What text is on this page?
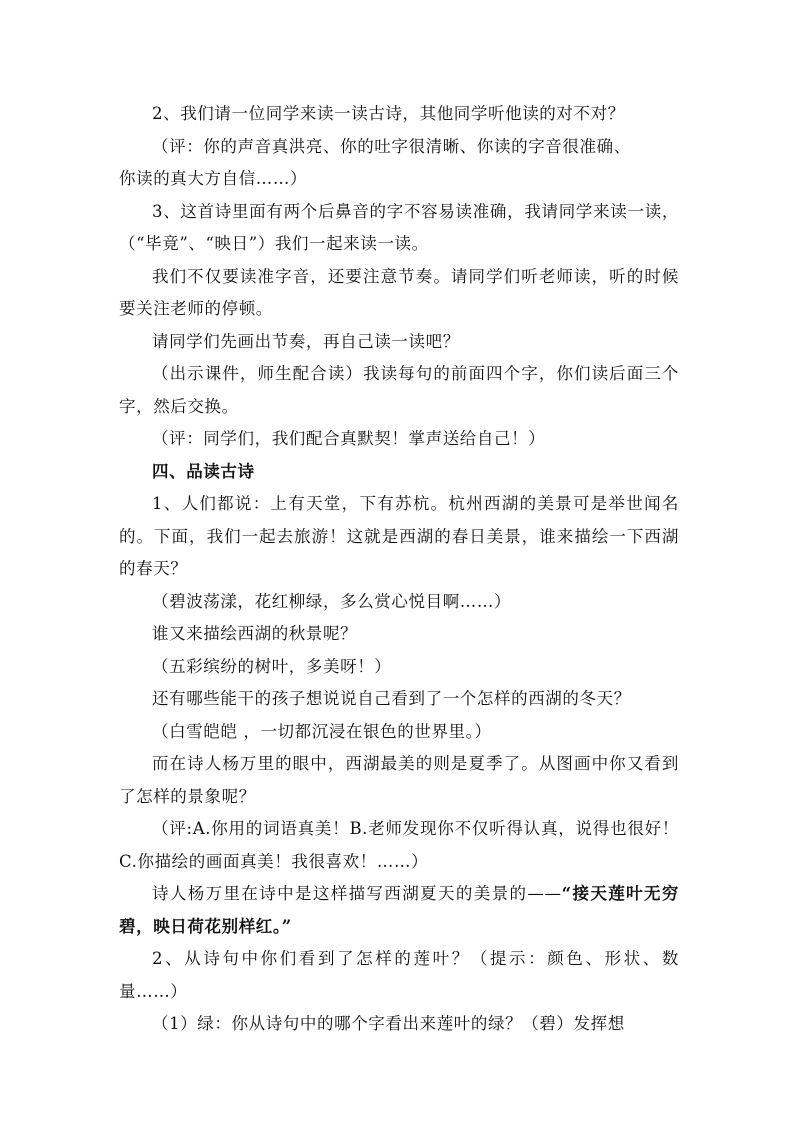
2、我们请一位同学来读一读古诗，其他同学听他读的对不对？

（评：你的声音真洪亮、你的吐字很清晰、你读的字音很准确、

你读的真大方自信……）

3、这首诗里面有两个后鼻音的字不容易读准确，我请同学来读一读，（“毕竟”、“映日”）我们一起来读一读。

我们不仅要读准字音，还要注意节奏。请同学们听老师读，听的时候要关注老师的停顿。

请同学们先画出节奏，再自己读一读吧？

（出示课件，师生配合读）我读每句的前面四个字，你们读后面三个字，然后交换。

（评：同学们，我们配合真默契！掌声送给自己！）

四、品读古诗

1、人们都说：上有天堂，下有苏杭。杭州西湖的美景可是举世闻名的。下面，我们一起去旅游！这就是西湖的春日美景，谁来描绘一下西湖的春天？

（碧波荡漾，花红柳绿，多么赏心悦目啊……）

谁又来描绘西湖的秋景呢？

（五彩缤纷的树叶，多美呀！）

还有哪些能干的孩子想说说自己看到了一个怎样的西湖的冬天？

（白雪皑皑 ，一切都沉浸在银色的世界里。）

而在诗人杨万里的眼中，西湖最美的则是夏季了。从图画中你又看到了怎样的景象呢？

（评:A.你用的词语真美！B.老师发现你不仅听得认真，说得也很好！C.你描绘的画面真美！我很喜欢！……）

诗人杨万里在诗中是这样描写西湖夏天的美景的——“接天莲叶无穷碧，映日荷花别样红。”

2、从诗句中你们看到了怎样的莲叶？（提示：颜色、形状、数量……）

（1）绿：你从诗句中的哪个字看出来莲叶的绿？（碧）发挥想
